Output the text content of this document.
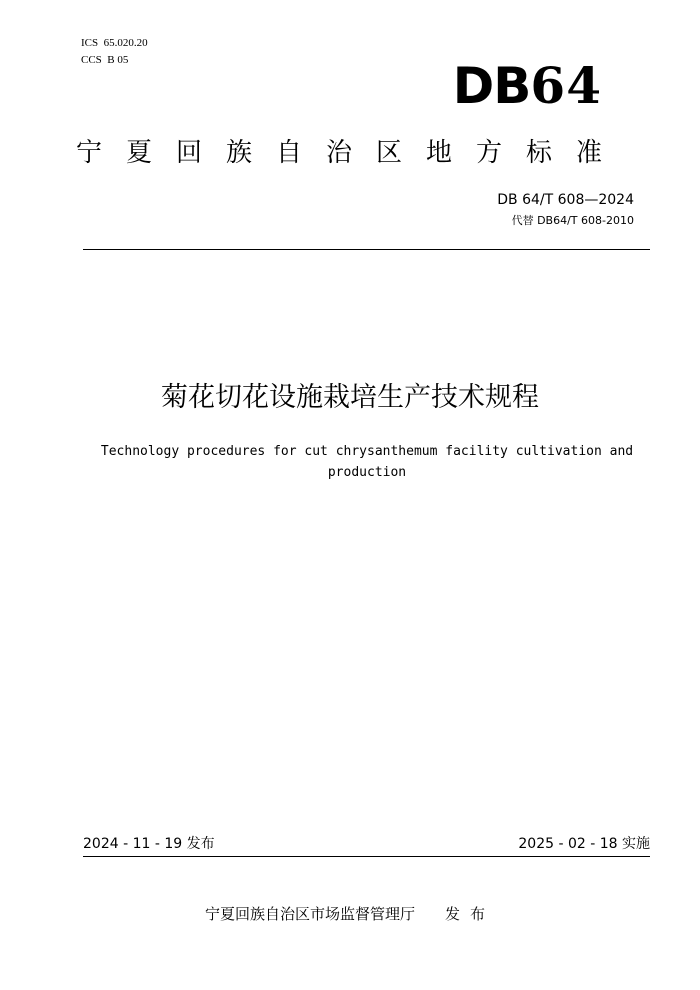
ICS  65.020.20
CCS  B 05	DB64
宁夏回族自治区地方标准
DB 64/T 608—2024
代替 DB64/T 608-2010
菊花切花设施栽培生产技术规程
Technology procedures for cut chrysanthemum facility cultivation and production
2024 - 11 - 19 发布	2025 - 02 - 18 实施
宁夏回族自治区市场监督管理厅 发布
